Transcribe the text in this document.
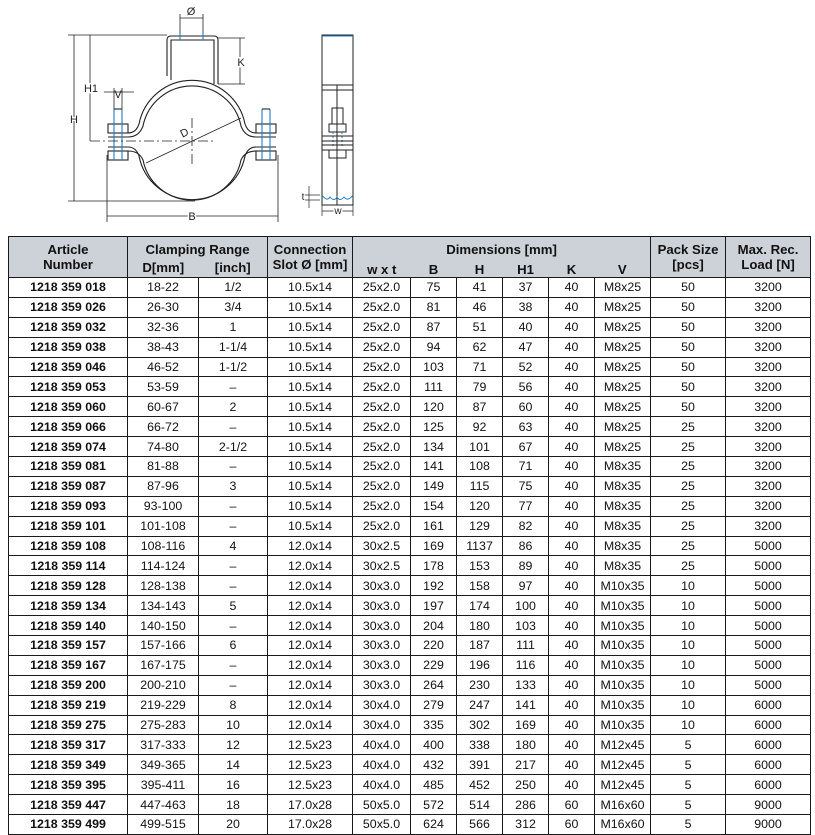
Ø
K
H1 V
H
D
B
t
w
Article
Number	Clamping Range		Connection	Dimensions [mm]						Pack Size	Max. Rec.
	D[mm]	[inch]	Slot Ø [mm]	w x t	B	H	H1	K	V	[pcs]	Load [N]
1218 359 018	18-22	1/2	10.5x14	25x2.0	75	41	37	40	M8x25	50	3200
1218 359 026	26-30	3/4	10.5x14	25x2.0	81	46	38	40	M8x25	50	3200
1218 359 032	32-36	1	10.5x14	25x2.0	87	51	40	40	M8x25	50	3200
1218 359 038	38-43	1-1/4	10.5x14	25x2.0	94	62	47	40	M8x25	50	3200
1218 359 046	46-52	1-1/2	10.5x14	25x2.0	103	71	52	40	M8x25	50	3200
1218 359 053	53-59	–	10.5x14	25x2.0	111	79	56	40	M8x25	50	3200
1218 359 060	60-67	2	10.5x14	25x2.0	120	87	60	40	M8x25	50	3200
1218 359 066	66-72	–	10.5x14	25x2.0	125	92	63	40	M8x25	25	3200
1218 359 074	74-80	2-1/2	10.5x14	25x2.0	134	101	67	40	M8x25	25	3200
1218 359 081	81-88	–	10.5x14	25x2.0	141	108	71	40	M8x35	25	3200
1218 359 087	87-96	3	10.5x14	25x2.0	149	115	75	40	M8x35	25	3200
1218 359 093	93-100	–	10.5x14	25x2.0	154	120	77	40	M8x35	25	3200
1218 359 101	101-108	–	10.5x14	25x2.0	161	129	82	40	M8x35	25	3200
1218 359 108	108-116	4	12.0x14	30x2.5	169	1137	86	40	M8x35	25	5000
1218 359 114	114-124	–	12.0x14	30x2.5	178	153	89	40	M8x35	25	5000
1218 359 128	128-138	–	12.0x14	30x3.0	192	158	97	40	M10x35	10	5000
1218 359 134	134-143	5	12.0x14	30x3.0	197	174	100	40	M10x35	10	5000
1218 359 140	140-150	–	12.0x14	30x3.0	204	180	103	40	M10x35	10	5000
1218 359 157	157-166	6	12.0x14	30x3.0	220	187	111	40	M10x35	10	5000
1218 359 167	167-175	–	12.0x14	30x3.0	229	196	116	40	M10x35	10	5000
1218 359 200	200-210	–	12.0x14	30x3.0	264	230	133	40	M10x35	10	5000
1218 359 219	219-229	8	12.0x14	30x4.0	279	247	141	40	M10x35	10	6000
1218 359 275	275-283	10	12.0x14	30x4.0	335	302	169	40	M10x35	10	6000
1218 359 317	317-333	12	12.5x23	40x4.0	400	338	180	40	M12x45	5	6000
1218 359 349	349-365	14	12.5x23	40x4.0	432	391	217	40	M12x45	5	6000
1218 359 395	395-411	16	12.5x23	40x4.0	485	452	250	40	M12x45	5	6000
1218 359 447	447-463	18	17.0x28	50x5.0	572	514	286	60	M16x60	5	9000
1218 359 499	499-515	20	17.0x28	50x5.0	624	566	312	60	M16x60	5	9000
